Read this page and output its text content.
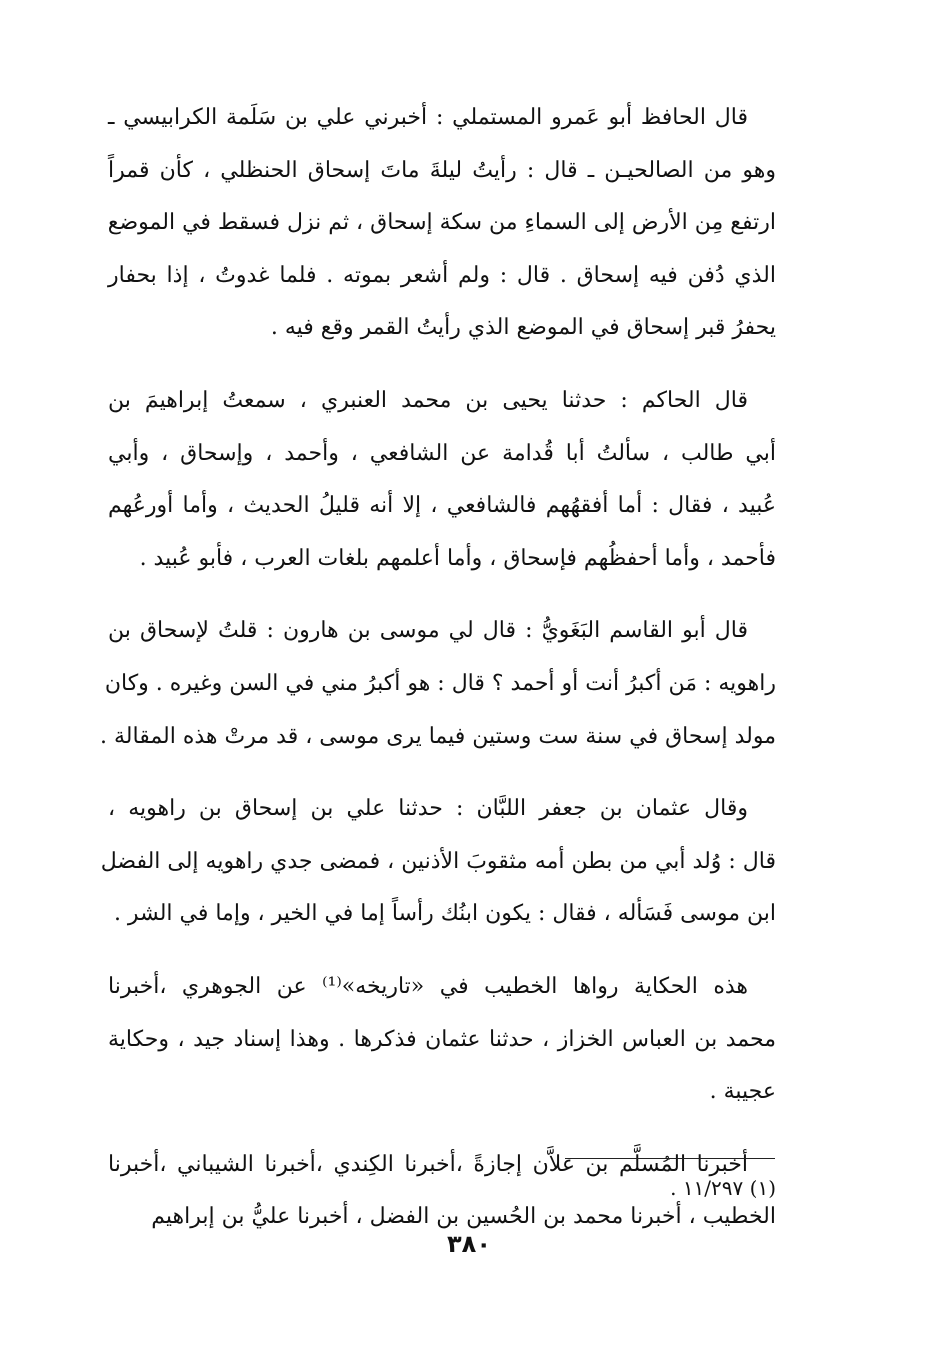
قال الحافظ أبو عَمرو المستملي : أخبرني علي بن سَلَمة الكرابيسي ـ
وهو من الصالحيـن ـ قال : رأيتُ ليلةَ ماتَ إسحاق الحنظلي ، كأن قمراً
ارتفع مِن الأرض إلى السماءِ من سكة إسحاق ، ثم نزل فسقط في الموضع
الذي دُفن فيه إسحاق . قال : ولم أشعر بموته . فلما غدوتُ ، إذا بحفار
يحفرُ قبر إسحاق في الموضع الذي رأيتُ القمر وقع فيه .

قال الحاكم : حدثنا يحيى بن محمد العنبري ، سمعتُ إبراهيمَ بن
أبي طالب ، سألتُ أبا قُدامة عن الشافعي ، وأحمد ، وإسحاق ، وأبي
عُبيد ، فقال : أما أفقهُهم فالشافعي ، إلا أنه قليلُ الحديث ، وأما أورعُهم
فأحمد ، وأما أحفظُهم فإسحاق ، وأما أعلمهم بلغات العرب ، فأبو عُبيد .

قال أبو القاسم البَغَويُّ : قال لي موسى بن هارون : قلتُ لإسحاق بن
راهويه : مَن أكبرُ أنت أو أحمد ؟ قال : هو أكبرُ مني في السن وغيره . وكان
مولد إسحاق في سنة ست وستين فيما يرى موسى ، قد مرتْ هذه المقالة .

وقال عثمان بن جعفر اللبَّان : حدثنا علي بن إسحاق بن راهويه ،
قال : وُلد أبي من بطن أمه مثقوبَ الأذنين ، فمضى جدي راهويه إلى الفضل
ابن موسى فَسَأله ، فقال : يكون ابنُك رأساً إما في الخير ، وإما في الشر .

هذه الحكاية رواها الخطيب في «تاريخه»⁽¹⁾ عن الجوهري ،أخبرنا
محمد بن العباس الخزاز ، حدثنا عثمان فذكرها . وهذا إسناد جيد ، وحكاية
عجيبة .

أخبرنا المُسلَّم بن علاَّن إجازةً ،أخبرنا الكِندي ،أخبرنا الشيباني ،أخبرنا
الخطيب ، أخبرنا محمد بن الحُسين بن الفضل ، أخبرنا عليُّ بن إبراهيم

(١) ١١/٢٩٧ .
٣٨٠
